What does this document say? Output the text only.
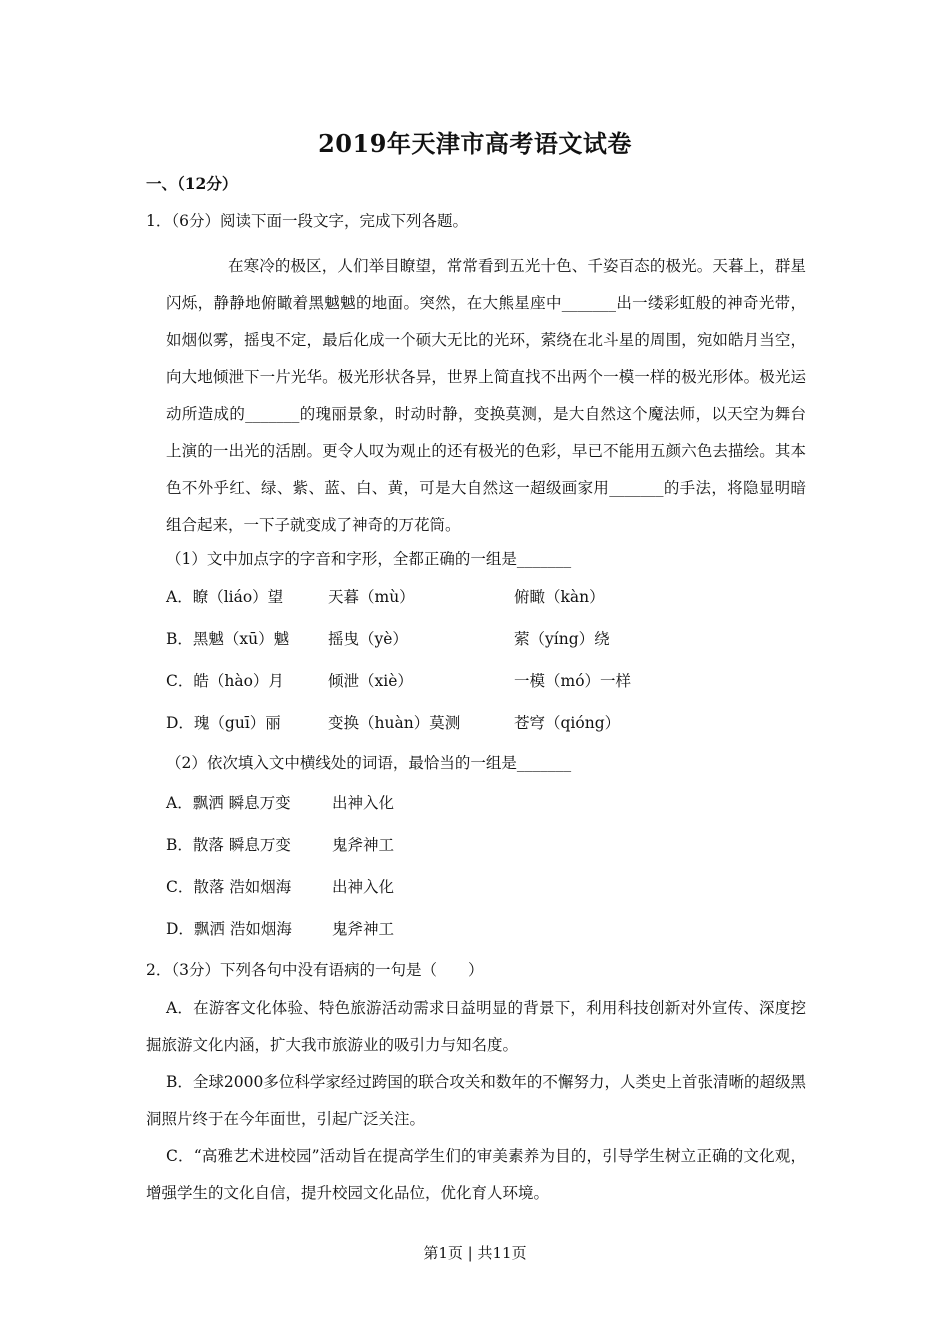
2019年天津市高考语文试卷
一、（12分）
1．（6分）阅读下面一段文字，完成下列各题。
在寒冷的极区，人们举目瞭望，常常看到五光十色、千姿百态的极光。天暮上，群星闪烁，静静地俯瞰着黑魆魆的地面。突然，在大熊星座中_______出一缕彩虹般的神奇光带，如烟似雾，摇曳不定，最后化成一个硕大无比的光环，萦绕在北斗星的周围，宛如皓月当空，向大地倾泄下一片光华。极光形状各异，世界上简直找不出两个一模一样的极光形体。极光运动所造成的_______的瑰丽景象，时动时静，变换莫测，是大自然这个魔法师，以天空为舞台上演的一出光的活剧。更令人叹为观止的还有极光的色彩，早已不能用五颜六色去描绘。其本色不外乎红、绿、紫、蓝、白、黄，可是大自然这一超级画家用_______的手法，将隐显明暗组合起来，一下子就变成了神奇的万花筒。
（1）文中加点字的字音和字形，全都正确的一组是_______
A．瞭（liáo）望	天暮（mù）	俯瞰（kàn）
B．黑魆（xū）魆	摇曳（yè）	萦（yíng）绕
C．皓（hào）月	倾泄（xiè）	一模（mó）一样
D．瑰（guī）丽	变换（huàn）莫测	苍穹（qióng）
（2）依次填入文中横线处的词语，最恰当的一组是_______
A．飘洒 瞬息万变	出神入化
B．散落 瞬息万变	鬼斧神工
C．散落 浩如烟海	出神入化
D．飘洒 浩如烟海	鬼斧神工
2．（3分）下列各句中没有语病的一句是（　　）
A．在游客文化体验、特色旅游活动需求日益明显的背景下，利用科技创新对外宣传、深度挖掘旅游文化内涵，扩大我市旅游业的吸引力与知名度。
B．全球2000多位科学家经过跨国的联合攻关和数年的不懈努力，人类史上首张清晰的超级黑洞照片终于在今年面世，引起广泛关注。
C．“高雅艺术进校园”活动旨在提高学生们的审美素养为目的，引导学生树立正确的文化观，增强学生的文化自信，提升校园文化品位，优化育人环境。
第1页 | 共11页
